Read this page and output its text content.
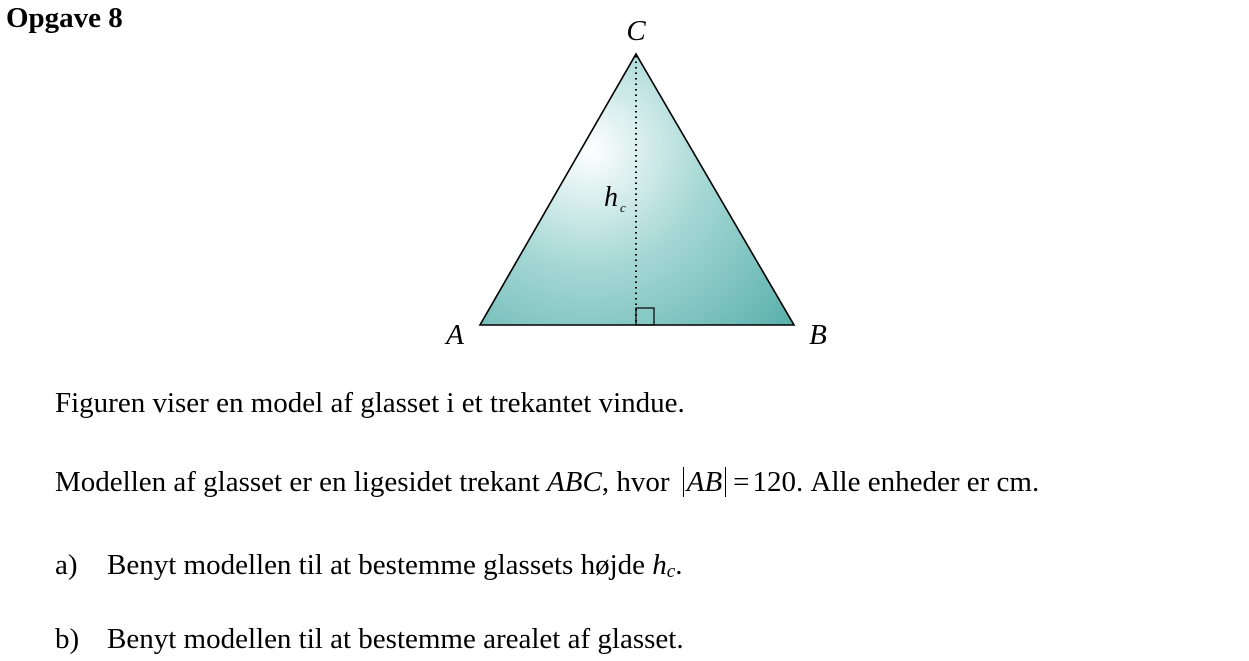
Opgave 8	C
A	B
h c

Figuren viser en model af glasset i et trekantet vindue.

Modellen af glasset er en ligesidet trekant ABC, hvor AB = 120. Alle enheder er cm.

a) Benyt modellen til at bestemme glassets højde $h_c$.

b) Benyt modellen til at bestemme arealet af glasset.
